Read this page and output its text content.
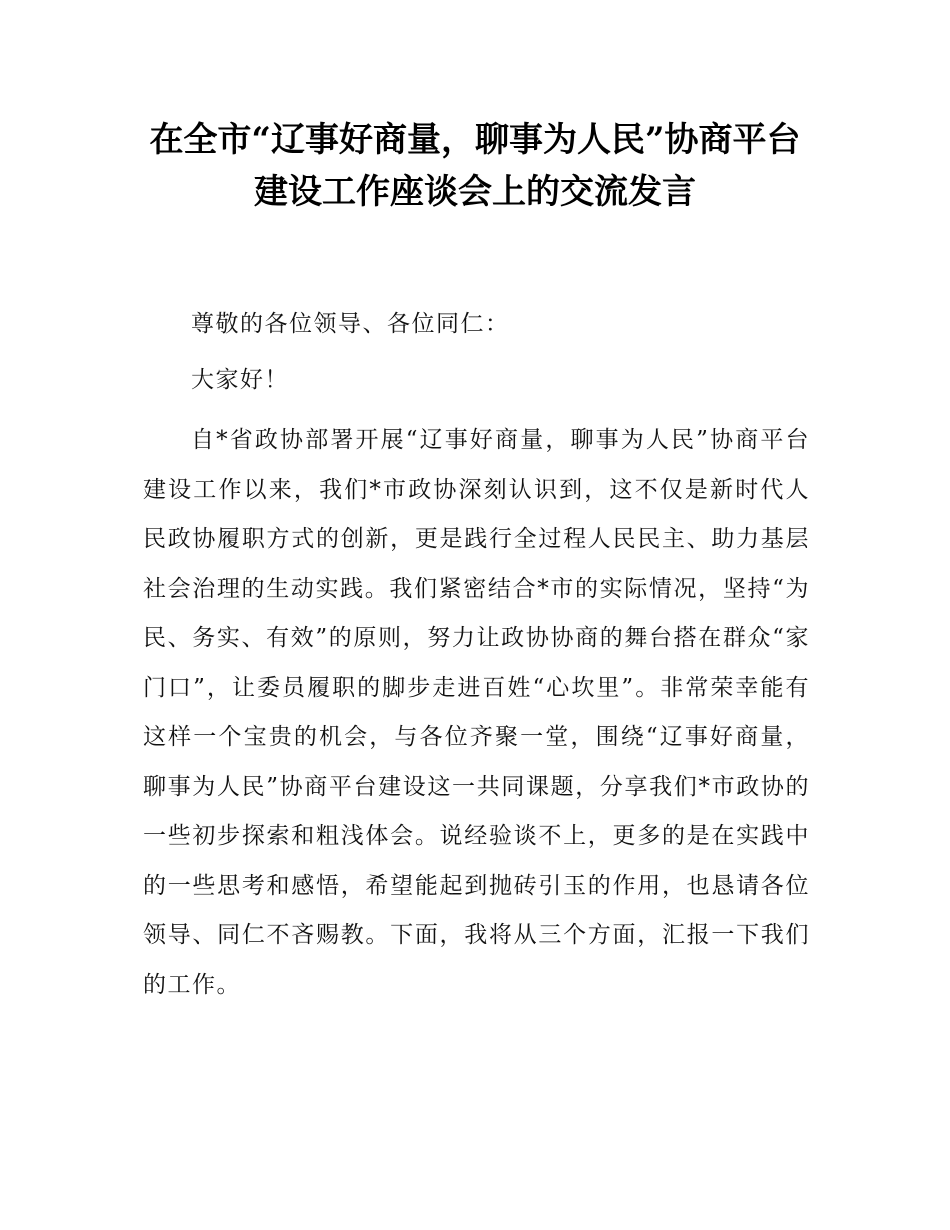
在全市“辽事好商量，聊事为人民”协商平台建设工作座谈会上的交流发言

尊敬的各位领导、各位同仁：

大家好！

自*省政协部署开展“辽事好商量，聊事为人民”协商平台建设工作以来，我们*市政协深刻认识到，这不仅是新时代人民政协履职方式的创新，更是践行全过程人民民主、助力基层社会治理的生动实践。我们紧密结合*市的实际情况，坚持“为民、务实、有效”的原则，努力让政协协商的舞台搭在群众“家门口”，让委员履职的脚步走进百姓“心坎里”。非常荣幸能有这样一个宝贵的机会，与各位齐聚一堂，围绕“辽事好商量，聊事为人民”协商平台建设这一共同课题，分享我们*市政协的一些初步探索和粗浅体会。说经验谈不上，更多的是在实践中的一些思考和感悟，希望能起到抛砖引玉的作用，也恳请各位领导、同仁不吝赐教。下面，我将从三个方面，汇报一下我们的工作。
